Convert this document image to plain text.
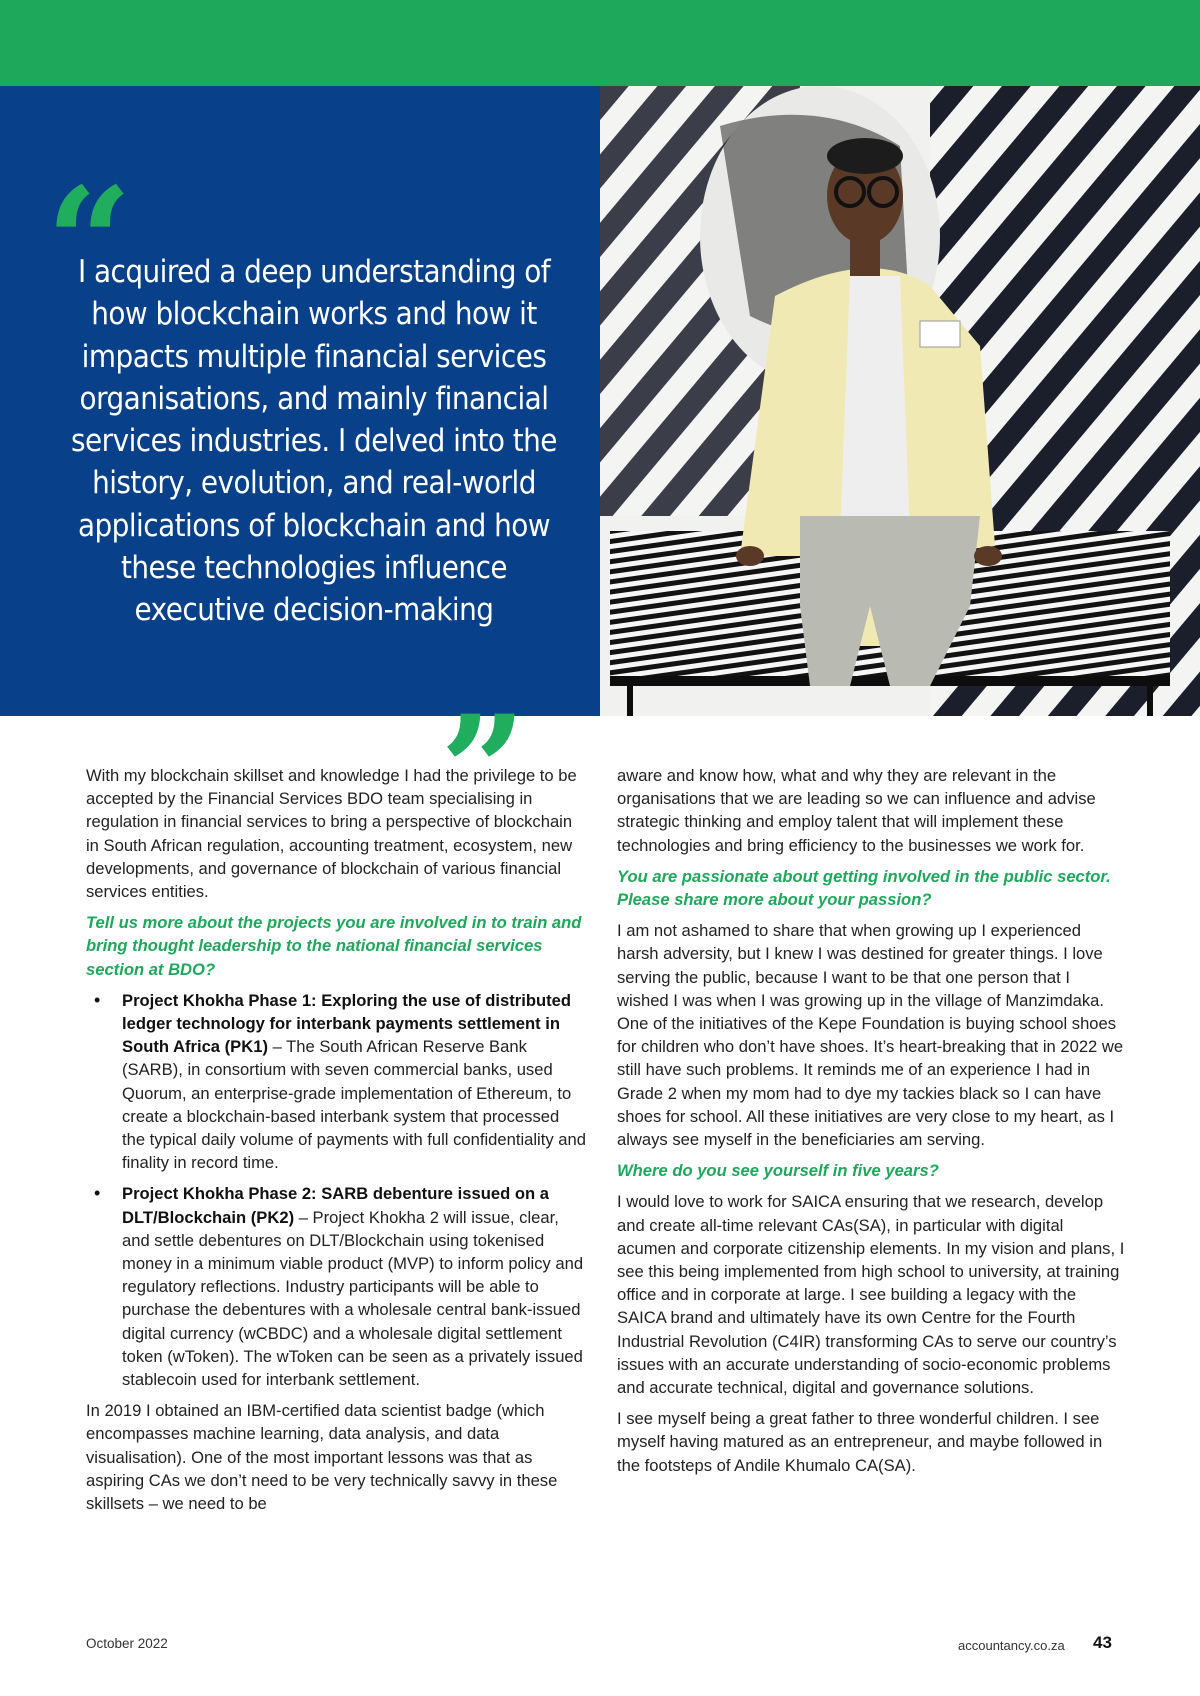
“

I acquired a deep understanding of how blockchain works and how it impacts multiple financial services organisations, and mainly financial services industries. I delved into the history, evolution, and real-world applications of blockchain and how these technologies influence executive decision-making

”

With my blockchain skillset and knowledge I had the privilege to be accepted by the Financial Services BDO team specialising in regulation in financial services to bring a perspective of blockchain in South African regulation, accounting treatment, ecosystem, new developments, and governance of blockchain of various financial services entities.

Tell us more about the projects you are involved in to train and bring thought leadership to the national financial services section at BDO?

• Project Khokha Phase 1: Exploring the use of distributed ledger technology for interbank payments settlement in South Africa (PK1) – The South African Reserve Bank (SARB), in consortium with seven commercial banks, used Quorum, an enterprise-grade implementation of Ethereum, to create a blockchain-based interbank system that processed the typical daily volume of payments with full confidentiality and finality in record time.
• Project Khokha Phase 2: SARB debenture issued on a DLT/Blockchain (PK2) – Project Khokha 2 will issue, clear, and settle debentures on DLT/Blockchain using tokenised money in a minimum viable product (MVP) to inform policy and regulatory reflections. Industry participants will be able to purchase the debentures with a wholesale central bank-issued digital currency (wCBDC) and a wholesale digital settlement token (wToken). The wToken can be seen as a privately issued stablecoin used for interbank settlement.

In 2019 I obtained an IBM-certified data scientist badge (which encompasses machine learning, data analysis, and data visualisation). One of the most important lessons was that as aspiring CAs we don’t need to be very technically savvy in these skillsets – we need to be

aware and know how, what and why they are relevant in the organisations that we are leading so we can influence and advise strategic thinking and employ talent that will implement these technologies and bring efficiency to the businesses we work for.

You are passionate about getting involved in the public sector. Please share more about your passion?

I am not ashamed to share that when growing up I experienced harsh adversity, but I knew I was destined for greater things. I love serving the public, because I want to be that one person that I wished I was when I was growing up in the village of Manzimdaka. One of the initiatives of the Kepe Foundation is buying school shoes for children who don’t have shoes. It’s heart-breaking that in 2022 we still have such problems. It reminds me of an experience I had in Grade 2 when my mom had to dye my tackies black so I can have shoes for school. All these initiatives are very close to my heart, as I always see myself in the beneficiaries am serving.

Where do you see yourself in five years?

I would love to work for SAICA ensuring that we research, develop and create all-time relevant CAs(SA), in particular with digital acumen and corporate citizenship elements. In my vision and plans, I see this being implemented from high school to university, at training office and in corporate at large. I see building a legacy with the SAICA brand and ultimately have its own Centre for the Fourth Industrial Revolution (C4IR) transforming CAs to serve our country’s issues with an accurate understanding of socio-economic problems and accurate technical, digital and governance solutions.

I see myself being a great father to three wonderful children. I see myself having matured as an entrepreneur, and maybe followed in the footsteps of Andile Khumalo CA(SA).

October 2022	accountancy.co.za 43
